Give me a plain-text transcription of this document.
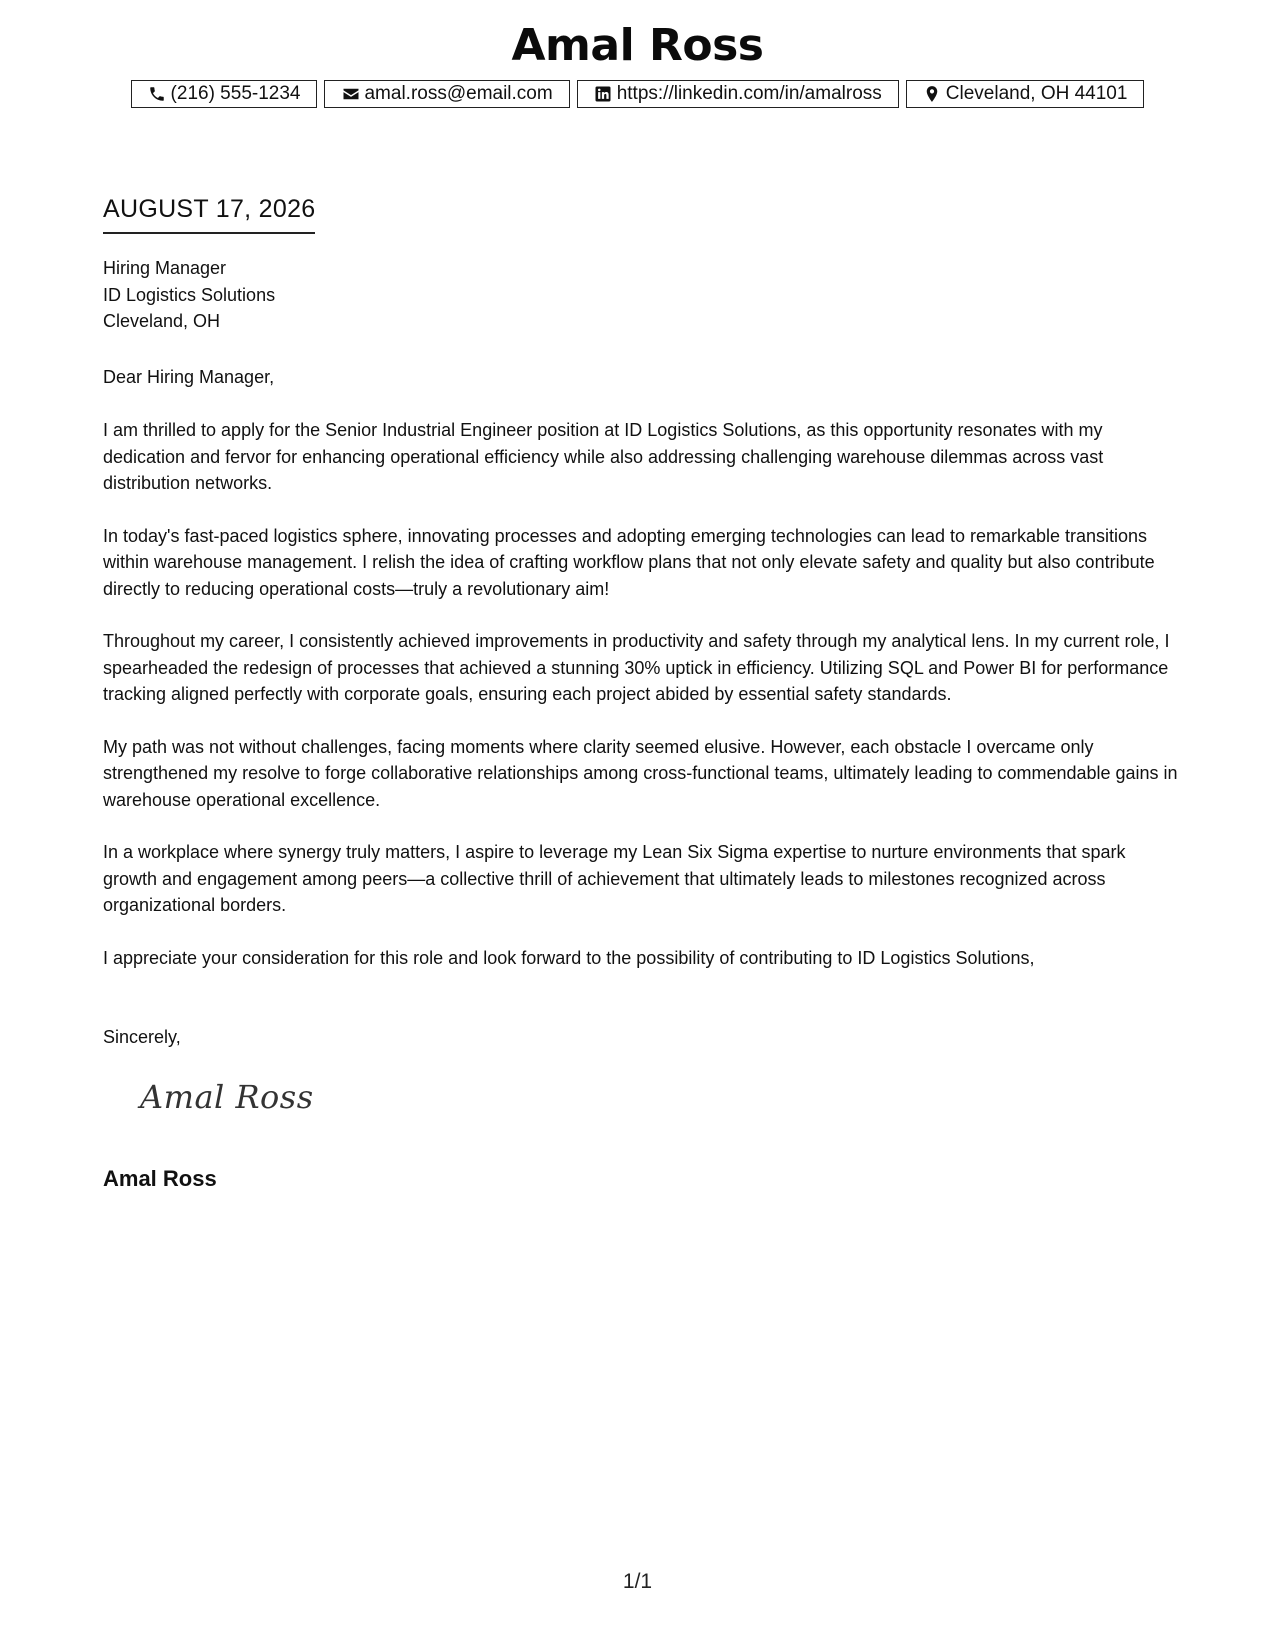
Amal Ross
(216) 555-1234	amal.ross@email.com	https://linkedin.com/in/amalross	Cleveland, OH 44101
AUGUST 17, 2026
Hiring Manager
ID Logistics Solutions
Cleveland, OH
Dear Hiring Manager,

I am thrilled to apply for the Senior Industrial Engineer position at ID Logistics Solutions, as this opportunity resonates with my dedication and fervor for enhancing operational efficiency while also addressing challenging warehouse dilemmas across vast distribution networks.

In today's fast-paced logistics sphere, innovating processes and adopting emerging technologies can lead to remarkable transitions within warehouse management. I relish the idea of crafting workflow plans that not only elevate safety and quality but also contribute directly to reducing operational costs—truly a revolutionary aim!

Throughout my career, I consistently achieved improvements in productivity and safety through my analytical lens. In my current role, I spearheaded the redesign of processes that achieved a stunning 30% uptick in efficiency. Utilizing SQL and Power BI for performance tracking aligned perfectly with corporate goals, ensuring each project abided by essential safety standards.

My path was not without challenges, facing moments where clarity seemed elusive. However, each obstacle I overcame only strengthened my resolve to forge collaborative relationships among cross-functional teams, ultimately leading to commendable gains in warehouse operational excellence.

In a workplace where synergy truly matters, I aspire to leverage my Lean Six Sigma expertise to nurture environments that spark growth and engagement among peers—a collective thrill of achievement that ultimately leads to milestones recognized across organizational borders.

I appreciate your consideration for this role and look forward to the possibility of contributing to ID Logistics Solutions,

Sincerely,
Amal Ross
Amal Ross
1/1
